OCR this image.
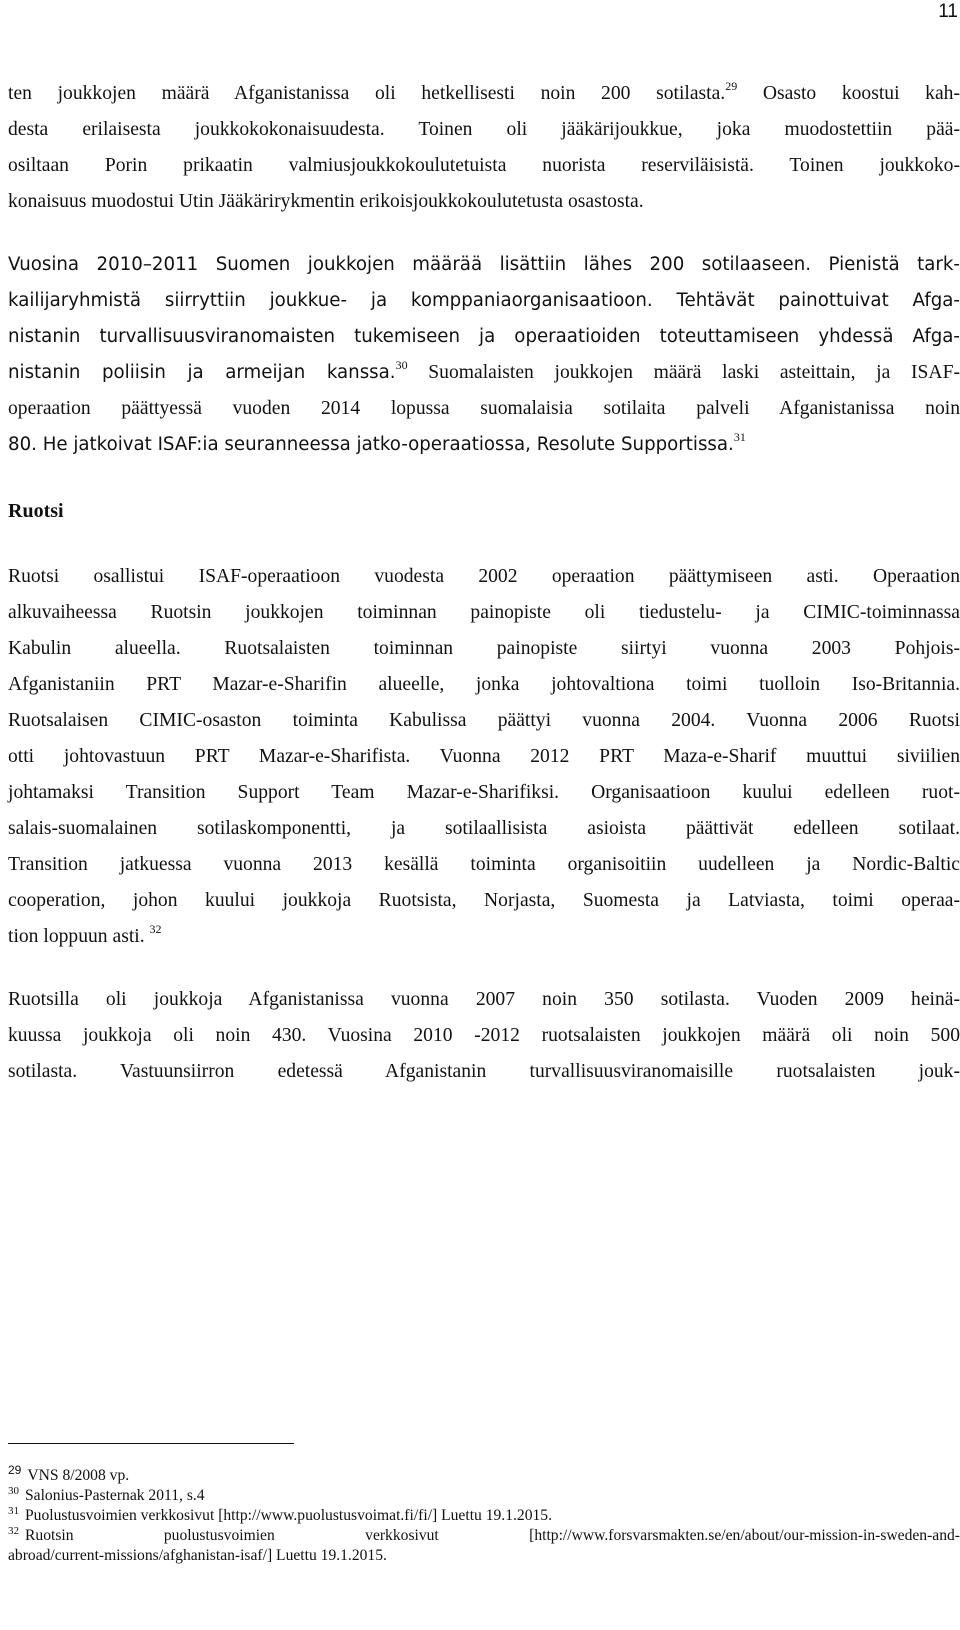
11
ten joukkojen määrä Afganistanissa oli hetkellisesti noin 200 sotilasta.$^{29}$ Osasto koostui kah-
desta erilaisesta joukkokokonaisuudesta. Toinen oli jääkärijoukkue, joka muodostettiin pää-
osiltaan Porin prikaatin valmiusjoukkokoulutetuista nuorista reserviläisistä. Toinen joukkoko-
konaisuus muodostui Utin Jääkärirykmentin erikoisjoukkokoulutetusta osastosta.
Vuosina 2010–2011 Suomen joukkojen määrää lisättiin lähes 200 sotilaaseen. Pienistä tark-
kailijaryhmistä siirryttiin joukkue- ja komppaniaorganisaatioon. Tehtävät painottuivat Afga-
nistanin turvallisuusviranomaisten tukemiseen ja operaatioiden toteuttamiseen yhdessä Afga-
nistanin poliisin ja armeijan kanssa.$^{30}$ Suomalaisten joukkojen määrä laski asteittain, ja ISAF-
operaation päättyessä vuoden 2014 lopussa suomalaisia sotilaita palveli Afganistanissa noin
80. He jatkoivat ISAF:ia seuranneessa jatko-operaatiossa, Resolute Supportissa.$^{31}$
Ruotsi
Ruotsi osallistui ISAF-operaatioon vuodesta 2002 operaation päättymiseen asti. Operaation
alkuvaiheessa Ruotsin joukkojen toiminnan painopiste oli tiedustelu- ja CIMIC-toiminnassa
Kabulin alueella. Ruotsalaisten toiminnan painopiste siirtyi vuonna 2003 Pohjois-
Afganistaniin PRT Mazar-e-Sharifin alueelle, jonka johtovaltiona toimi tuolloin Iso-Britannia.
Ruotsalaisen CIMIC-osaston toiminta Kabulissa päättyi vuonna 2004. Vuonna 2006 Ruotsi
otti johtovastuun PRT Mazar-e-Sharifista. Vuonna 2012 PRT Maza-e-Sharif muuttui siviilien
johtamaksi Transition Support Team Mazar-e-Sharifiksi. Organisaatioon kuului edelleen ruot-
salais-suomalainen sotilaskomponentti, ja sotilaallisista asioista päättivät edelleen sotilaat.
Transition jatkuessa vuonna 2013 kesällä toiminta organisoitiin uudelleen ja Nordic-Baltic
cooperation, johon kuului joukkoja Ruotsista, Norjasta, Suomesta ja Latviasta, toimi operaa-
tion loppuun asti. $^{32}$
Ruotsilla oli joukkoja Afganistanissa vuonna 2007 noin 350 sotilasta. Vuoden 2009 heinä-
kuussa joukkoja oli noin 430. Vuosina 2010 -2012 ruotsalaisten joukkojen määrä oli noin 500
sotilasta. Vastuunsiirron edetessä Afganistanin turvallisuusviranomaisille ruotsalaisten jouk-
$^{29}$ VNS 8/2008 vp.
$^{30}$ Salonius-Pasternak 2011, s.4
$^{31}$ Puolustusvoimien verkkosivut [http://www.puolustusvoimat.fi/fi/] Luettu 19.1.2015.
$^{32}$ Ruotsin puolustusvoimien verkkosivut [http://www.forsvarsmakten.se/en/about/our-mission-in-sweden-and-
abroad/current-missions/afghanistan-isaf/] Luettu 19.1.2015.
